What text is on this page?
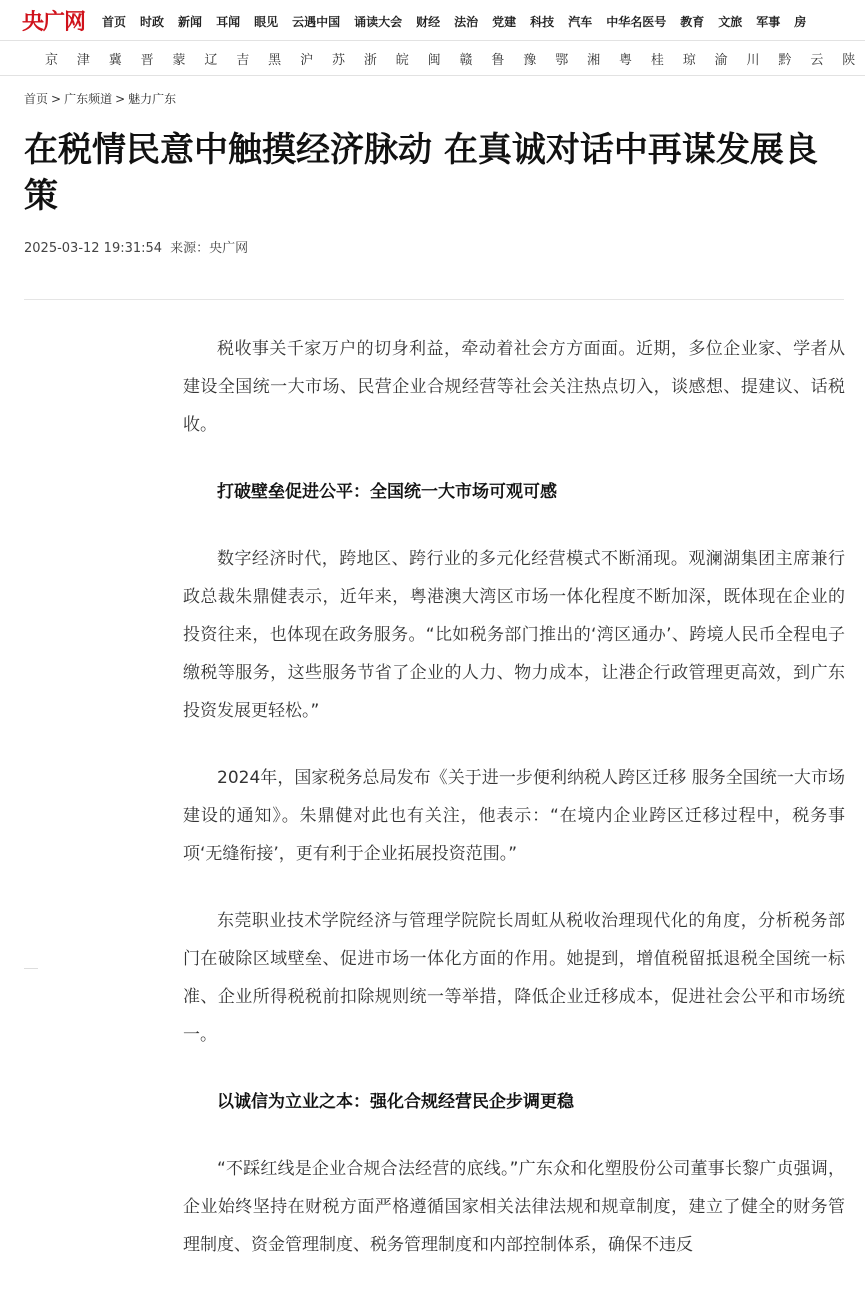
央广网	首页 时政 新闻 耳闻 眼见 云遇中国 诵读大会 财经 法治 党建 科技 汽车 中华名医号 教育 文旅 军事 房
京	津	冀	晋	蒙	辽	吉	黑	沪	苏	浙	皖	闽	赣	鲁	豫	鄂	湘	粤	桂	琼	渝	川	黔	云	陕
首页 > 广东频道 > 魅力广东
在税情民意中触摸经济脉动 在真诚对话中再谋发展良策
2025-03-12 19:31:54 来源：央广网

税收事关千家万户的切身利益，牵动着社会方方面面。近期，多位企业家、学者从建设全国统一大市场、民营企业合规经营等社会关注热点切入，谈感想、提建议、话税收。

打破壁垒促进公平：全国统一大市场可观可感

数字经济时代，跨地区、跨行业的多元化经营模式不断涌现。观澜湖集团主席兼行政总裁朱鼎健表示，近年来，粤港澳大湾区市场一体化程度不断加深，既体现在企业的投资往来，也体现在政务服务。“比如税务部门推出的‘湾区通办’、跨境人民币全程电子缴税等服务，这些服务节省了企业的人力、物力成本，让港企行政管理更高效，到广东投资发展更轻松。”

2024年，国家税务总局发布《关于进一步便利纳税人跨区迁移 服务全国统一大市场建设的通知》。朱鼎健对此也有关注，他表示：“在境内企业跨区迁移过程中，税务事项‘无缝衔接’，更有利于企业拓展投资范围。”

东莞职业技术学院经济与管理学院院长周虹从税收治理现代化的角度，分析税务部门在破除区域壁垒、促进市场一体化方面的作用。她提到，增值税留抵退税全国统一标准、企业所得税税前扣除规则统一等举措，降低企业迁移成本，促进社会公平和市场统一。

以诚信为立业之本：强化合规经营民企步调更稳

“不踩红线是企业合规合法经营的底线。”广东众和化塑股份公司董事长黎广贞强调，企业始终坚持在财税方面严格遵循国家相关法律法规和规章制度，建立了健全的财务管理制度、资金管理制度、税务管理制度和内部控制体系，确保不违反
